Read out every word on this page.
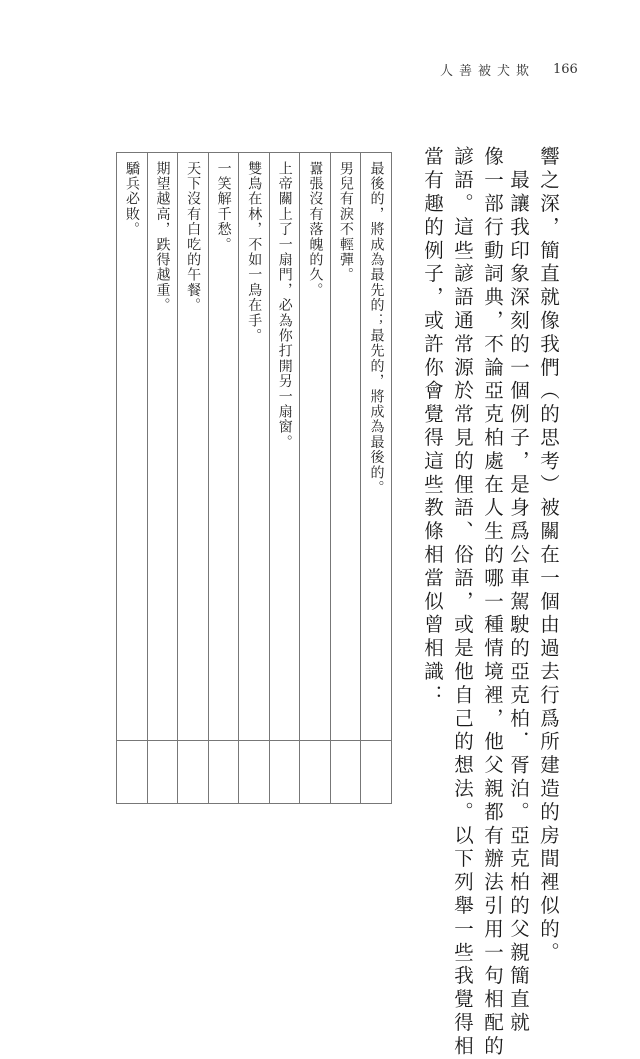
人善被犬欺 166
響之深，簡直就像我們（的思考）被關在一個由過去行爲所建造的房間裡似的。
　最讓我印象深刻的一個例子，是身爲公車駕駛的亞克柏．胥泊。亞克柏的父親簡直就
像一部行動詞典，不論亞克柏處在人生的哪一種情境裡，他父親都有辦法引用一句相配的
諺語。這些諺語通常源於常見的俚語、俗語，或是他自己的想法。以下列舉一些我覺得相
當有趣的例子，或許你會覺得這些教條相當似曾相識：
最後的，將成為最先的；最先的，將成為最後的。
男兒有淚不輕彈。
囂張沒有落魄的久。
上帝關上了一扇門，必為你打開另一扇窗。
雙鳥在林，不如一鳥在手。
一笑解千愁。
天下沒有白吃的午餐。
期望越高，跌得越重。
驕兵必敗。
